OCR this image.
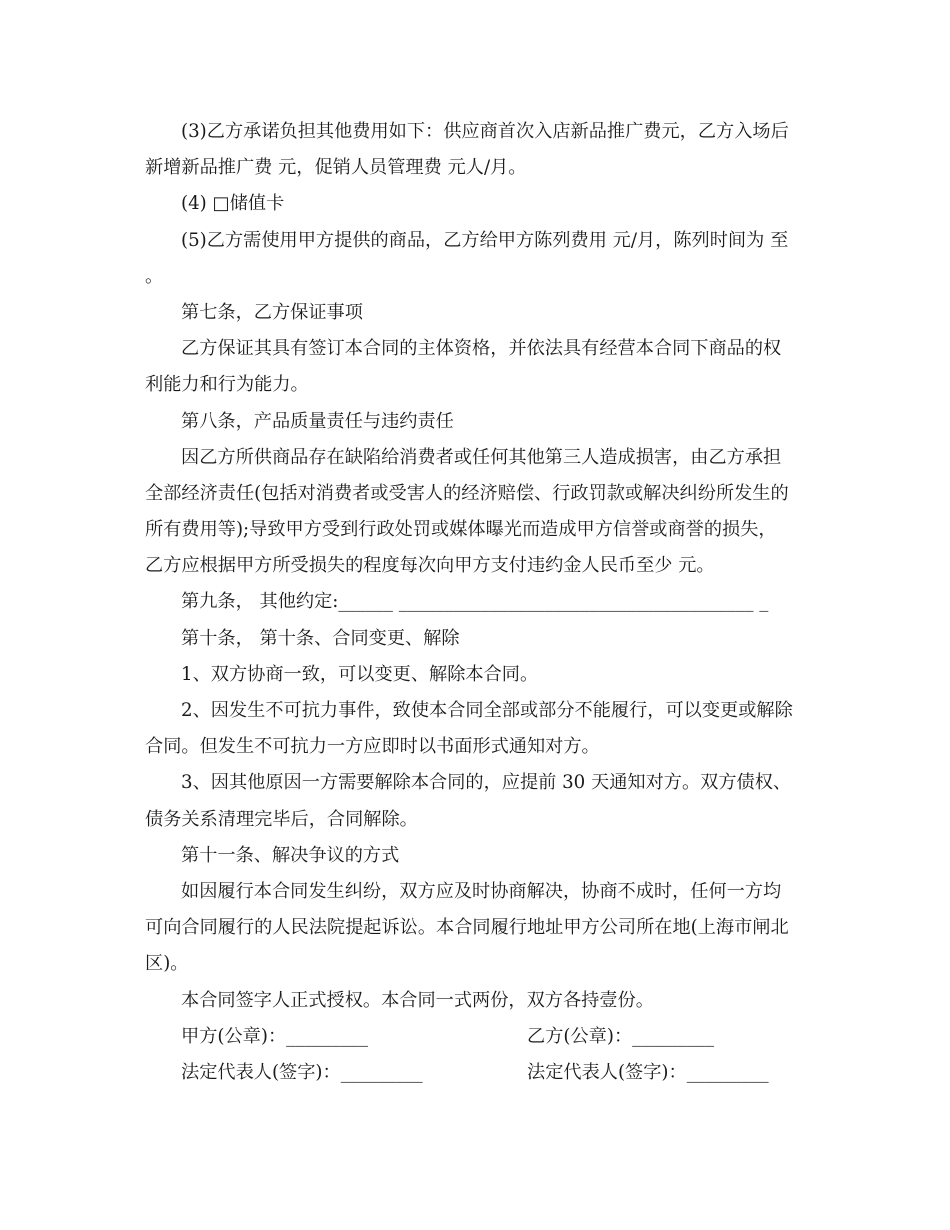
(3)乙方承诺负担其他费用如下：供应商首次入店新品推广费元，乙方入场后
新增新品推广费 元，促销人员管理费 元人/月。
(4) □储值卡
(5)乙方需使用甲方提供的商品，乙方给甲方陈列费用 元/月，陈列时间为 至
。
第七条，乙方保证事项
乙方保证其具有签订本合同的主体资格，并依法具有经营本合同下商品的权
利能力和行为能力。
第八条，产品质量责任与违约责任
因乙方所供商品存在缺陷给消费者或任何其他第三人造成损害，由乙方承担
全部经济责任(包括对消费者或受害人的经济赔偿、行政罚款或解决纠纷所发生的
所有费用等);导致甲方受到行政处罚或媒体曝光而造成甲方信誉或商誉的损失，
乙方应根据甲方所受损失的程度每次向甲方支付违约金人民币至少 元。
第九条， 其他约定:______ _______________________________________ _
第十条， 第十条、合同变更、解除
1、双方协商一致，可以变更、解除本合同。
2、因发生不可抗力事件，致使本合同全部或部分不能履行，可以变更或解除
合同。但发生不可抗力一方应即时以书面形式通知对方。
3、因其他原因一方需要解除本合同的，应提前 30 天通知对方。双方债权、
债务关系清理完毕后，合同解除。
第十一条、解决争议的方式
如因履行本合同发生纠纷，双方应及时协商解决，协商不成时，任何一方均
可向合同履行的人民法院提起诉讼。本合同履行地址甲方公司所在地(上海市闸北
区)。
本合同签字人正式授权。本合同一式两份，双方各持壹份。
甲方(公章)：_________	乙方(公章)：_________
法定代表人(签字)：_________	法定代表人(签字)：_________
